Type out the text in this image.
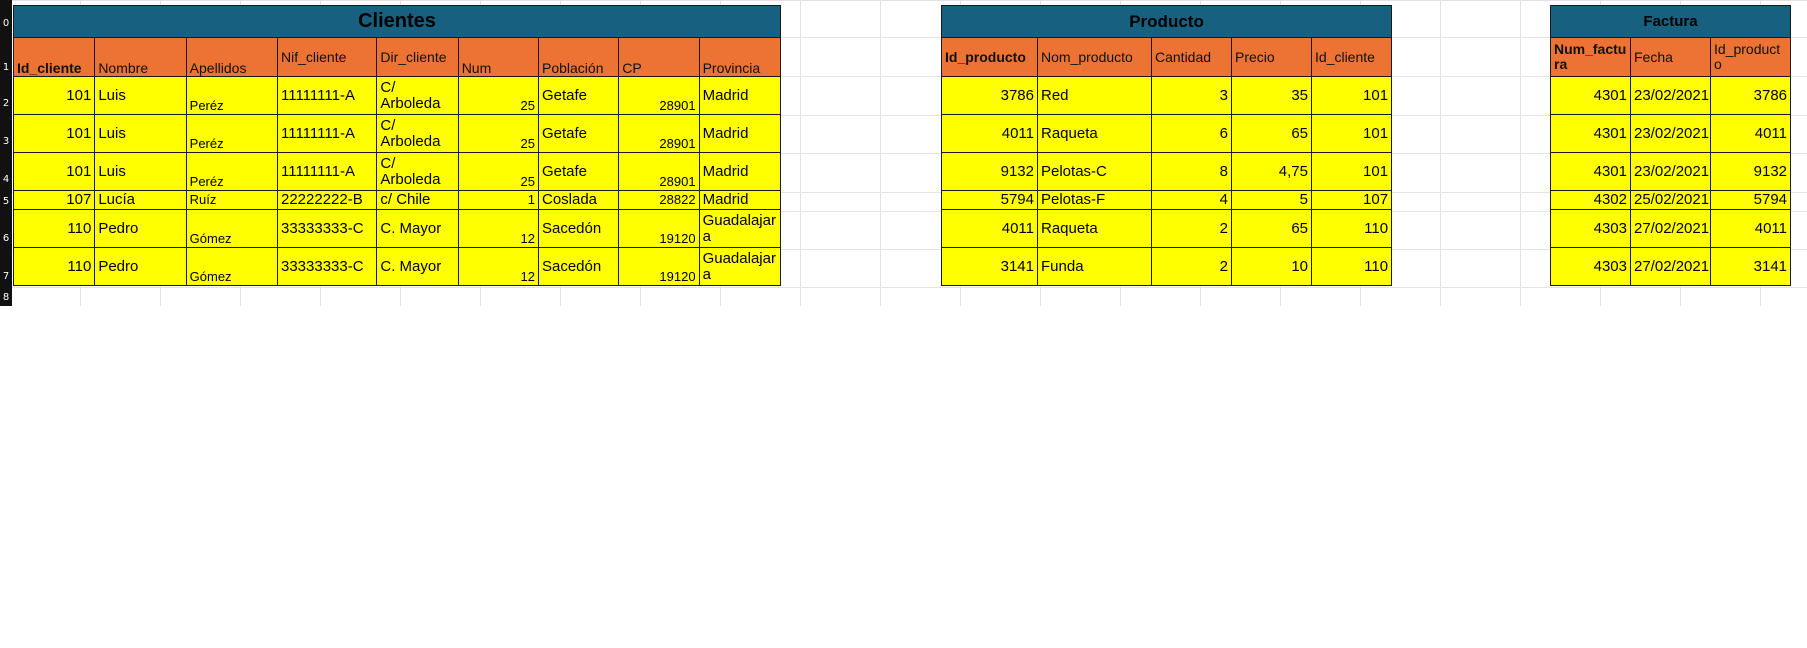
0
1
2
3
4
5
6
7
8
Clientes								
Id_cliente	Nombre	Apellidos	Nif_cliente	Dir_cliente	Num	Población	CP	Provincia
101	Luis	Peréz	11111111-A	C/ Arboleda	25	Getafe	28901	Madrid
101	Luis	Peréz	11111111-A	C/ Arboleda	25	Getafe	28901	Madrid
101	Luis	Peréz	11111111-A	C/ Arboleda	25	Getafe	28901	Madrid
107	Lucía	Ruíz	22222222-B	c/ Chile	1	Coslada	28822	Madrid
110	Pedro	Gómez	33333333-C	C. Mayor	12	Sacedón	19120	Guadalajara
110	Pedro	Gómez	33333333-C	C. Mayor	12	Sacedón	19120	Guadalajara
Producto				
Id_producto	Nom_producto	Cantidad	Precio	Id_cliente
3786	Red	3	35	101
4011	Raqueta	6	65	101
9132	Pelotas-C	8	4,75	101
5794	Pelotas-F	4	5	107
4011	Raqueta	2	65	110
3141	Funda	2	10	110
Factura		
Num_factura	Fecha	Id_producto
4301	23/02/2021	3786
4301	23/02/2021	4011
4301	23/02/2021	9132
4302	25/02/2021	5794
4303	27/02/2021	4011
4303	27/02/2021	3141
